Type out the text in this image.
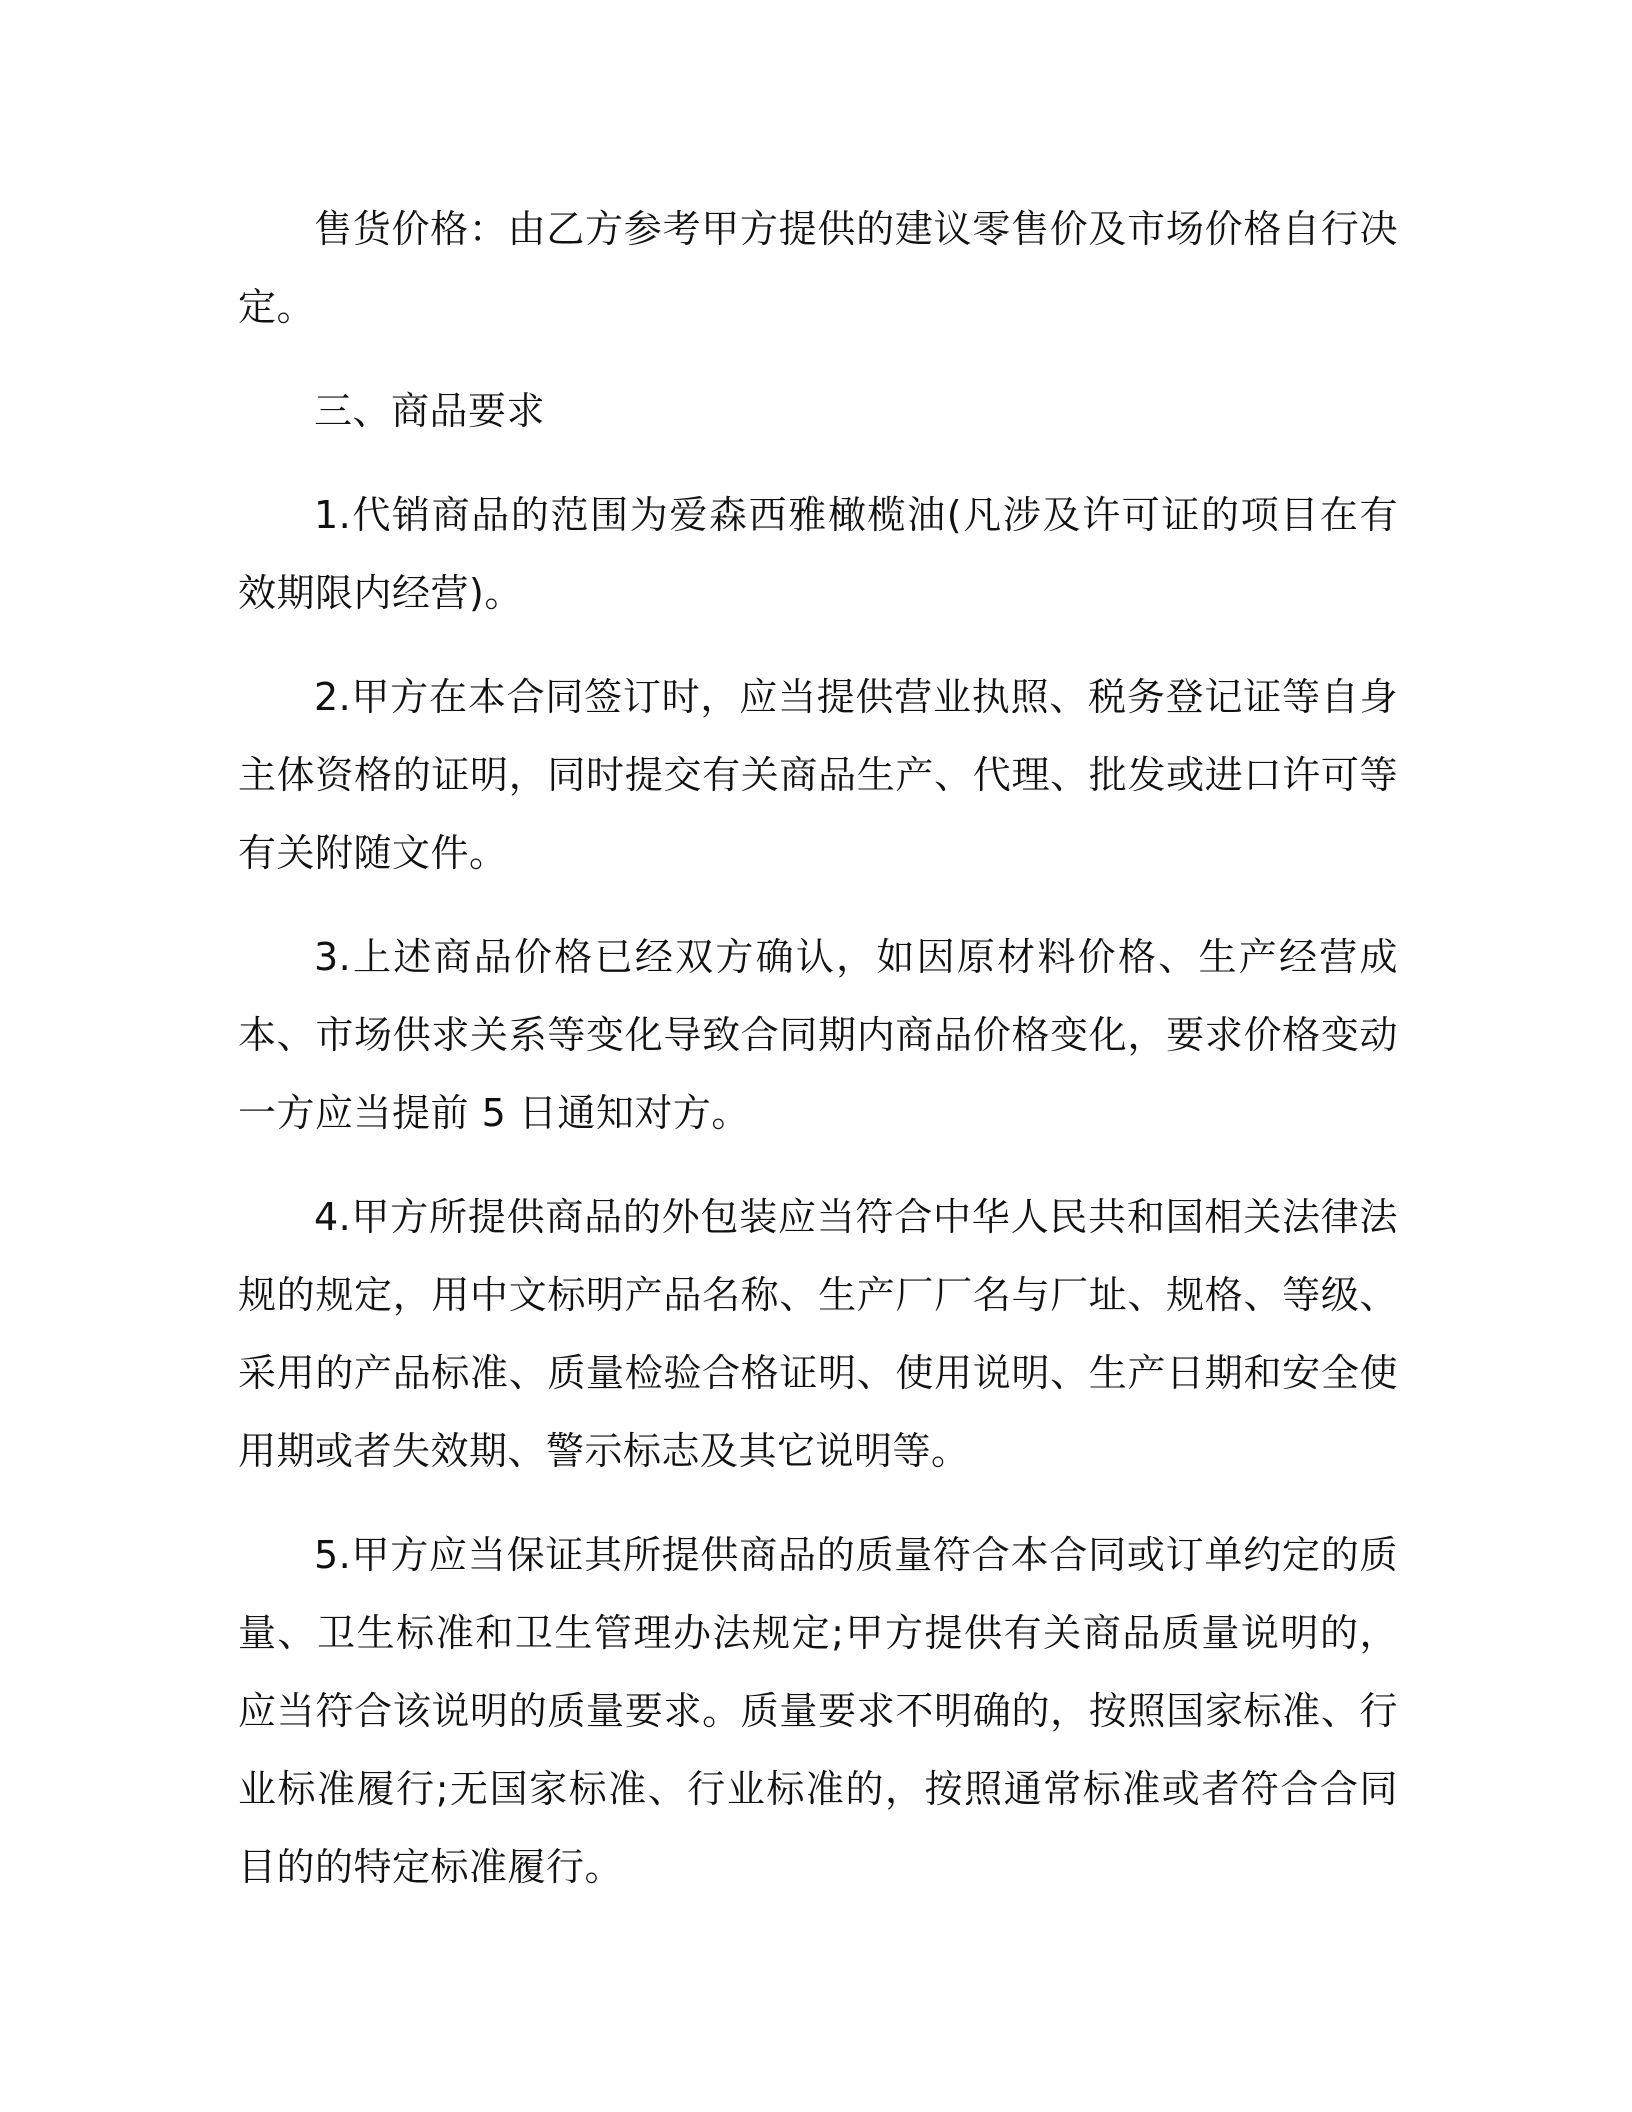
售货价格：由乙方参考甲方提供的建议零售价及市场价格自行决定。

三、商品要求

1.代销商品的范围为爱森西雅橄榄油(凡涉及许可证的项目在有效期限内经营)。

2.甲方在本合同签订时，应当提供营业执照、税务登记证等自身主体资格的证明，同时提交有关商品生产、代理、批发或进口许可等有关附随文件。

3.上述商品价格已经双方确认，如因原材料价格、生产经营成本、市场供求关系等变化导致合同期内商品价格变化，要求价格变动一方应当提前 5 日通知对方。

4.甲方所提供商品的外包装应当符合中华人民共和国相关法律法规的规定，用中文标明产品名称、生产厂厂名与厂址、规格、等级、采用的产品标准、质量检验合格证明、使用说明、生产日期和安全使用期或者失效期、警示标志及其它说明等。

5.甲方应当保证其所提供商品的质量符合本合同或订单约定的质量、卫生标准和卫生管理办法规定;甲方提供有关商品质量说明的，应当符合该说明的质量要求。质量要求不明确的，按照国家标准、行业标准履行;无国家标准、行业标准的，按照通常标准或者符合合同目的的特定标准履行。
